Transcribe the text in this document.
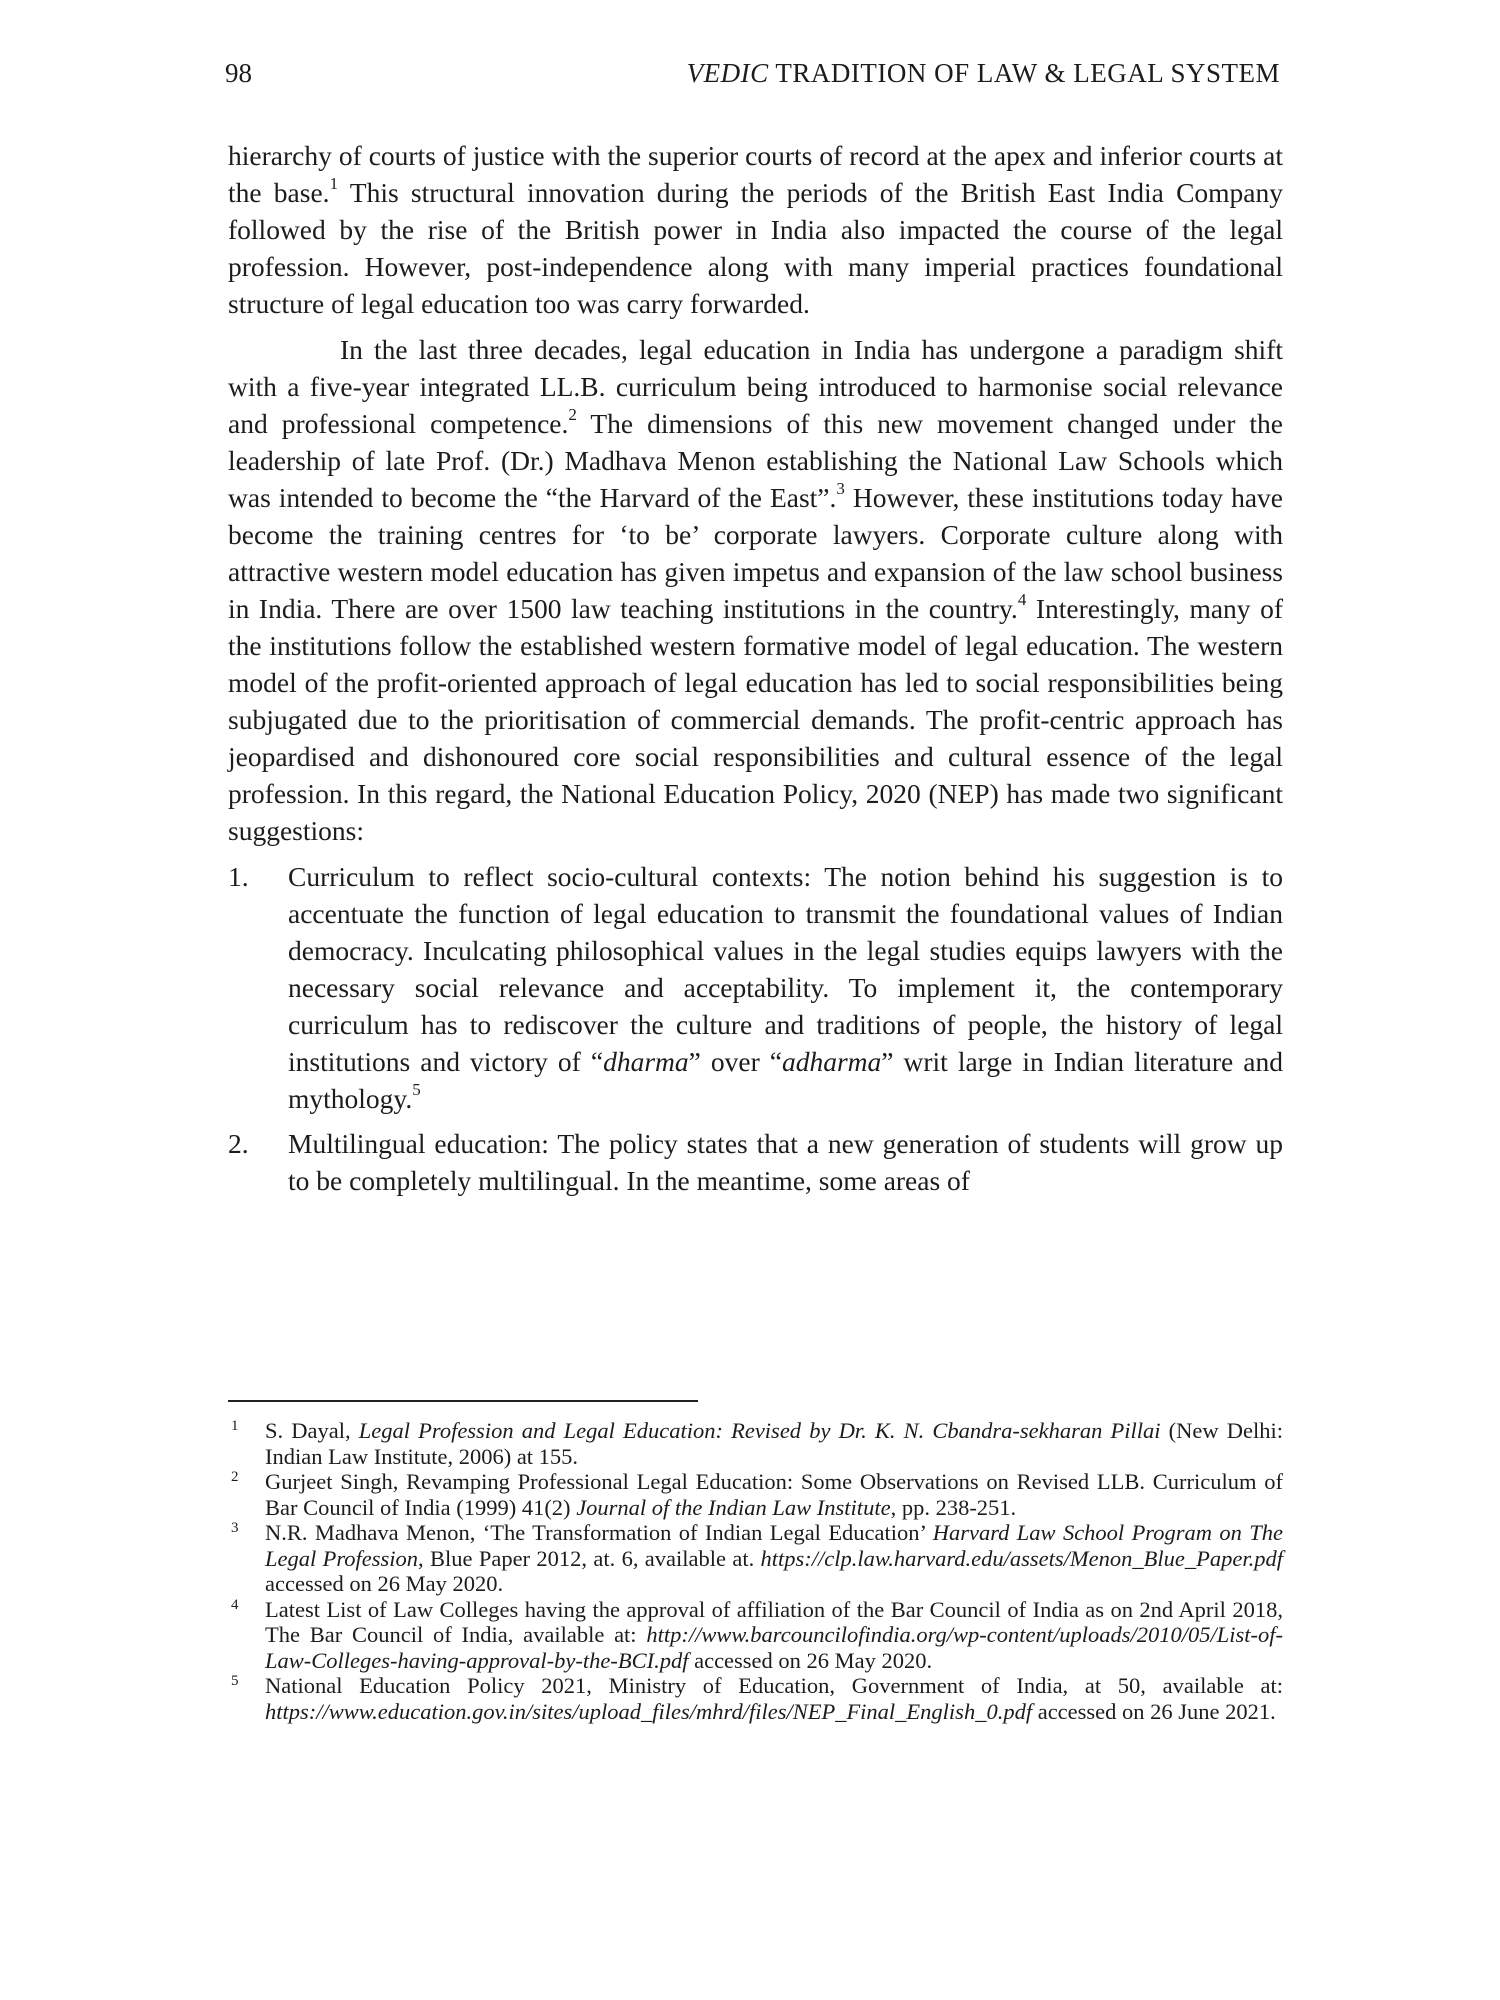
98	VEDIC TRADITION OF LAW & LEGAL SYSTEM

hierarchy of courts of justice with the superior courts of record at the apex and inferior courts at the base.$^1$ This structural innovation during the periods of the British East India Company followed by the rise of the British power in India also impacted the course of the legal profession. However, post-independence along with many imperial practices foundational structure of legal education too was carry forwarded.

In the last three decades, legal education in India has undergone a paradigm shift with a five-year integrated LL.B. curriculum being introduced to harmonise social relevance and professional competence.$^2$ The dimensions of this new movement changed under the leadership of late Prof. (Dr.) Madhava Menon establishing the National Law Schools which was intended to become the “the Harvard of the East”.$^3$ However, these institutions today have become the training centres for ‘to be’ corporate lawyers. Corporate culture along with attractive western model education has given impetus and expansion of the law school business in India. There are over 1500 law teaching institutions in the country.$^4$ Interestingly, many of the institutions follow the established western formative model of legal education. The western model of the profit-oriented approach of legal education has led to social responsibilities being subjugated due to the prioritisation of commercial demands. The profit-centric approach has jeopardised and dishonoured core social responsibilities and cultural essence of the legal profession. In this regard, the National Education Policy, 2020 (NEP) has made two significant suggestions:

1. Curriculum to reflect socio-cultural contexts: The notion behind his suggestion is to accentuate the function of legal education to transmit the foundational values of Indian democracy. Inculcating philosophical values in the legal studies equips lawyers with the necessary social relevance and acceptability. To implement it, the contemporary curriculum has to rediscover the culture and traditions of people, the history of legal institutions and victory of “dharma” over “adharma” writ large in Indian literature and mythology.$^5$
2. Multilingual education: The policy states that a new generation of students will grow up to be completely multilingual. In the meantime, some areas of
1 S. Dayal, Legal Profession and Legal Education: Revised by Dr. K. N. Cbandra-sekharan Pillai (New Delhi: Indian Law Institute, 2006) at 155.
2 Gurjeet Singh, Revamping Professional Legal Education: Some Observations on Revised LLB. Curriculum of Bar Council of India (1999) 41(2) Journal of the Indian Law Institute, pp. 238-251.
3 N.R. Madhava Menon, ‘The Transformation of Indian Legal Education’ Harvard Law School Program on The Legal Profession, Blue Paper 2012, at. 6, available at. https://clp.law.harvard.edu/assets/Menon_Blue_Paper.pdf accessed on 26 May 2020.
4 Latest List of Law Colleges having the approval of affiliation of the Bar Council of India as on 2nd April 2018, The Bar Council of India, available at: http://www.barcouncilofindia.org/wp-content/uploads/2010/05/List-of-Law-Colleges-having-approval-by-the-BCI.pdf accessed on 26 May 2020.
5 National Education Policy 2021, Ministry of Education, Government of India, at 50, available at: https://www.education.gov.in/sites/upload_files/mhrd/files/NEP_Final_English_0.pdf accessed on 26 June 2021.
